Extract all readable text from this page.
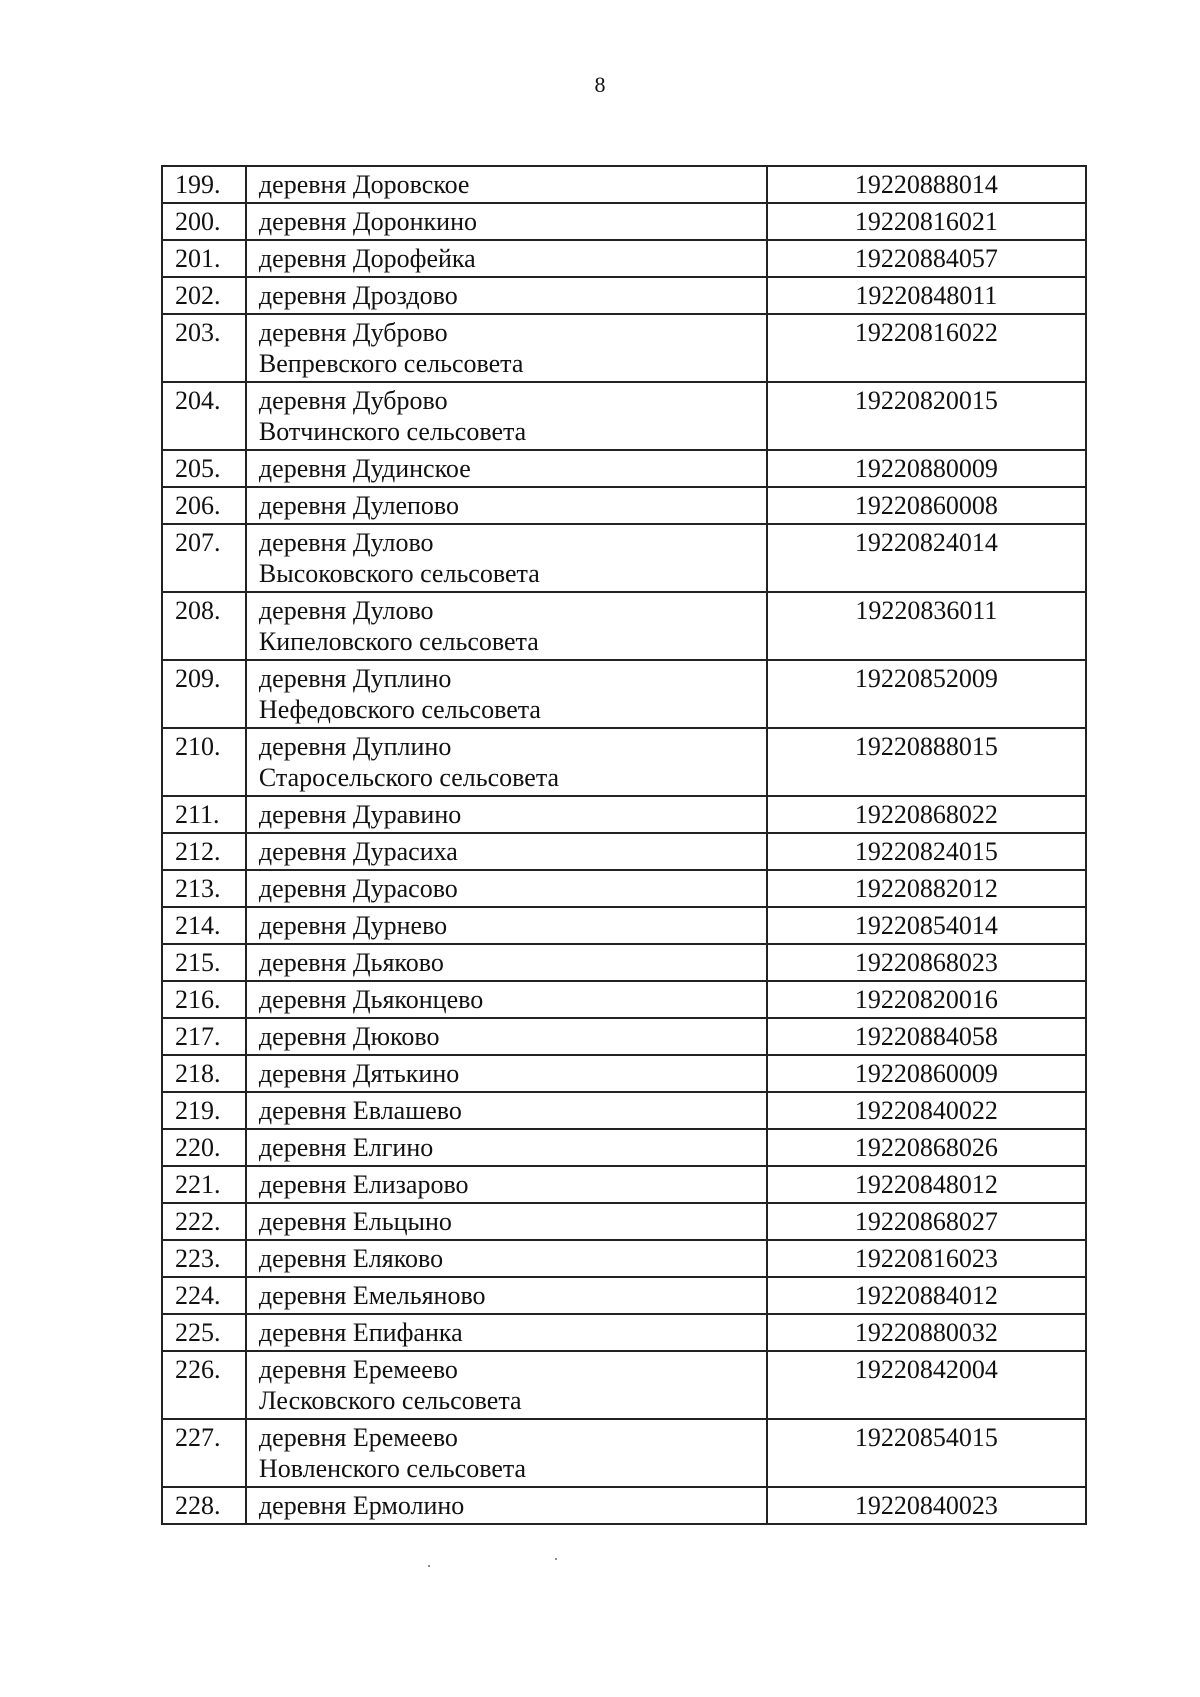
8
199.	деревня Доровское	19220888014
200.	деревня Доронкино	19220816021
201.	деревня Дорофейка	19220884057
202.	деревня Дроздово	19220848011
203.	деревня Дуброво
Вепревского сельсовета	19220816022
204.	деревня Дуброво
Вотчинского сельсовета	19220820015
205.	деревня Дудинское	19220880009
206.	деревня Дулепово	19220860008
207.	деревня Дулово
Высоковского сельсовета	19220824014
208.	деревня Дулово
Кипеловского сельсовета	19220836011
209.	деревня Дуплино
Нефедовского сельсовета	19220852009
210.	деревня Дуплино
Старосельского сельсовета	19220888015
211.	деревня Дуравино	19220868022
212.	деревня Дурасиха	19220824015
213.	деревня Дурасово	19220882012
214.	деревня Дурнево	19220854014
215.	деревня Дьяково	19220868023
216.	деревня Дьяконцево	19220820016
217.	деревня Дюково	19220884058
218.	деревня Дятькино	19220860009
219.	деревня Евлашево	19220840022
220.	деревня Елгино	19220868026
221.	деревня Елизарово	19220848012
222.	деревня Ельцыно	19220868027
223.	деревня Еляково	19220816023
224.	деревня Емельяново	19220884012
225.	деревня Епифанка	19220880032
226.	деревня Еремеево
Лесковского сельсовета	19220842004
227.	деревня Еремеево
Новленского сельсовета	19220854015
228.	деревня Ермолино	19220840023
